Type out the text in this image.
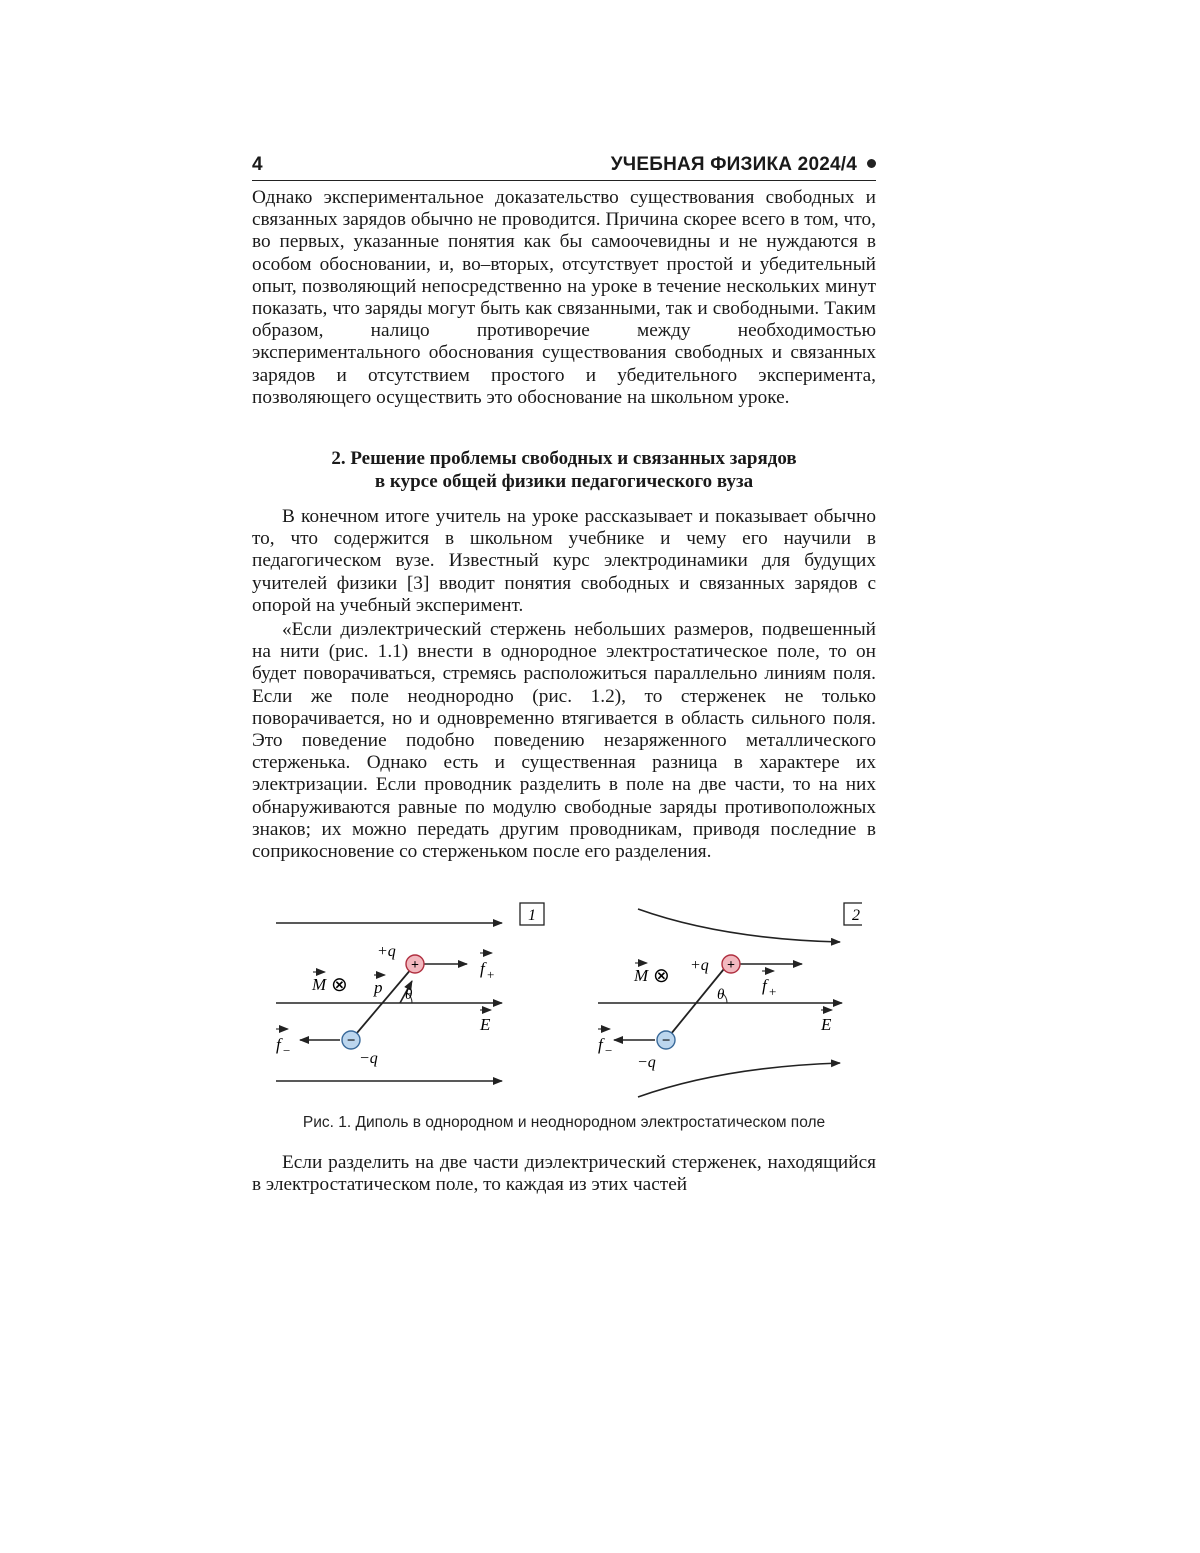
4	УЧЕБНАЯ ФИЗИКА 2024/4

Однако экспериментальное доказательство существования свободных и связанных зарядов обычно не проводится. Причина скорее всего в том, что, во первых, указанные понятия как бы самоочевидны и не нуждаются в особом обосновании, и, во–вторых, отсутствует простой и убедительный опыт, позволяющий непосредственно на уроке в течение нескольких минут показать, что заряды могут быть как связанными, так и свободными. Таким образом, налицо противоречие между необходимостью экспериментального обоснования существования свободных и связанных зарядов и отсутствием простого и убедительного эксперимента, позволяющего осуществить это обоснование на школьном уроке.

2. Решение проблемы свободных и связанных зарядов
в курсе общей физики педагогического вуза

В конечном итоге учитель на уроке рассказывает и показывает обычно то, что содержится в школьном учебнике и чему его научили в педагогическом вузе. Известный курс электродинамики для будущих учителей физики [3] вводит понятия свободных и связанных зарядов с опорой на учебный эксперимент.

«Если диэлектрический стержень небольших размеров, подвешенный на нити (рис. 1.1) внести в однородное электростатическое поле, то он будет поворачиваться, стремясь расположиться параллельно линиям поля. Если же поле неоднородно (рис. 1.2), то стерженек не только поворачивается, но и одновременно втягивается в область сильного поля. Это поведение подобно поведению незаряженного металлического стерженька. Однако есть и существенная разница в характере их электризации. Если проводник разделить в поле на две части, то на них обнаруживаются равные по модулю свободные заряды противоположных знаков; их можно передать другим проводникам, приводя последние в соприкосновение со стерженьком после его разделения.

1
+
−
+q
−q
M ⊗ p θ
f +
f −
E
2
+
−
+q
−q
M ⊗
θ f +
f −
E
Рис. 1. Диполь в однородном и неоднородном электростатическом поле

Если разделить на две части диэлектрический стерженек, находящийся в электростатическом поле, то каждая из этих частей
